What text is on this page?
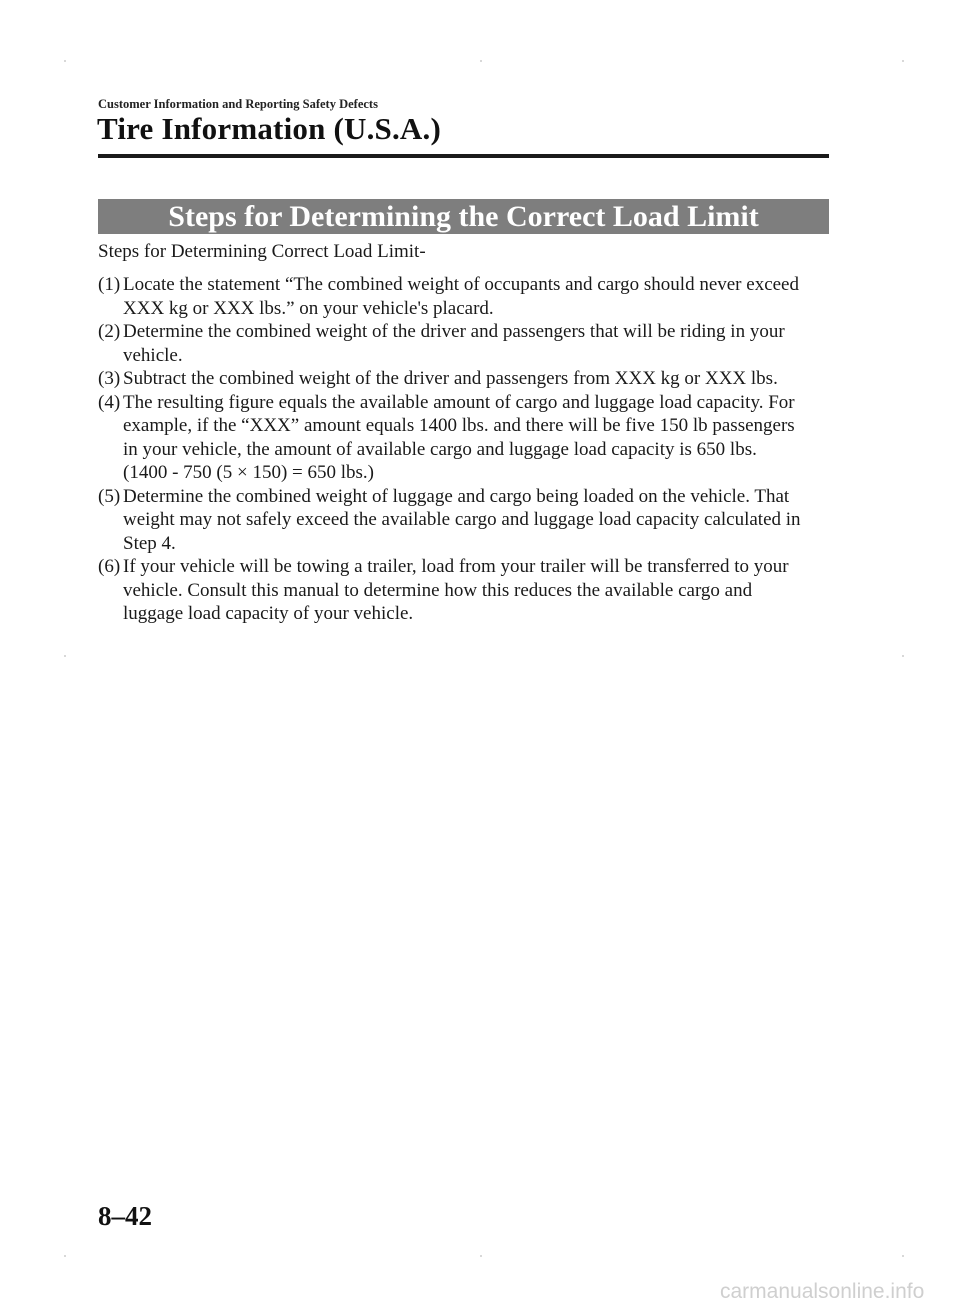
Customer Information and Reporting Safety Defects
Tire Information (U.S.A.)
Steps for Determining the Correct Load Limit
Steps for Determining Correct Load Limit-
(1) Locate the statement “The combined weight of occupants and cargo should never exceed
XXX kg or XXX lbs.” on your vehicle's placard.
(2) Determine the combined weight of the driver and passengers that will be riding in your
vehicle.
(3) Subtract the combined weight of the driver and passengers from XXX kg or XXX lbs.
(4) The resulting figure equals the available amount of cargo and luggage load capacity. For
example, if the “XXX” amount equals 1400 lbs. and there will be five 150 lb passengers
in your vehicle, the amount of available cargo and luggage load capacity is 650 lbs.
(1400 - 750 (5 × 150) = 650 lbs.)
(5) Determine the combined weight of luggage and cargo being loaded on the vehicle. That
weight may not safely exceed the available cargo and luggage load capacity calculated in
Step 4.
(6) If your vehicle will be towing a trailer, load from your trailer will be transferred to your
vehicle. Consult this manual to determine how this reduces the available cargo and
luggage load capacity of your vehicle.
8–42
carmanualsonline.info
